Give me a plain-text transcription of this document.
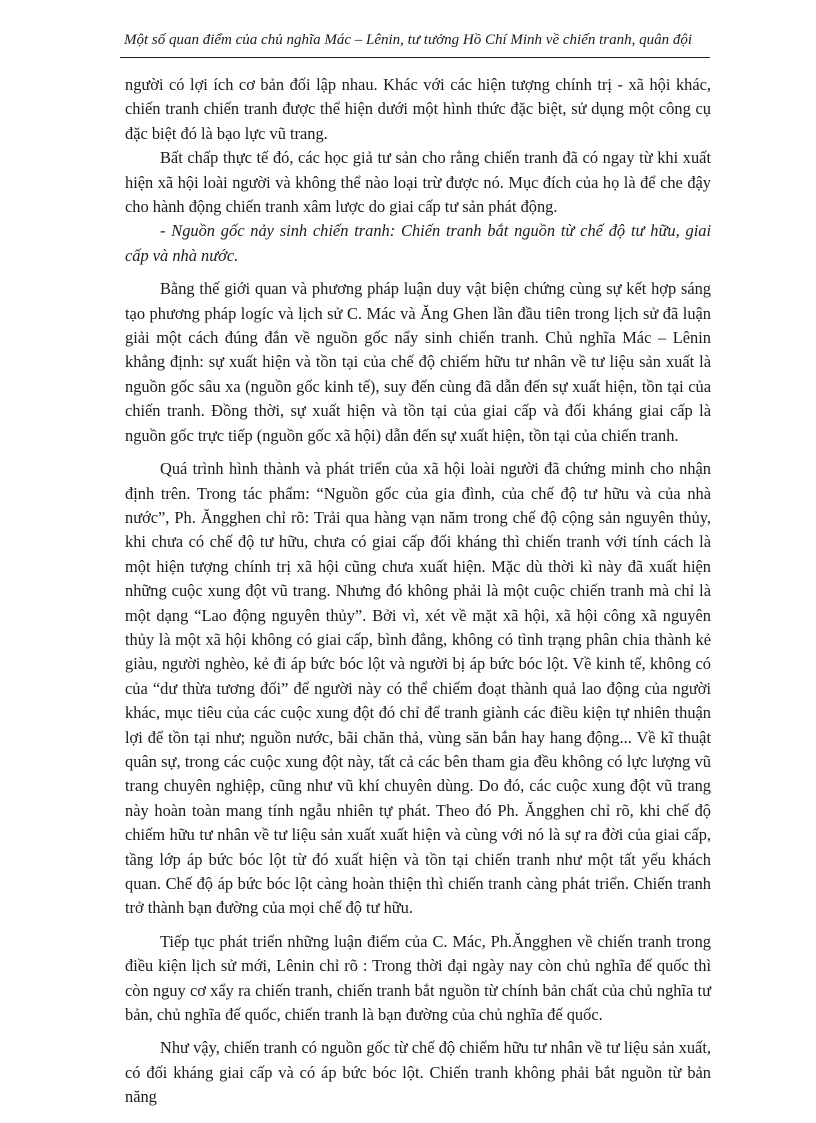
Một số quan điểm của chủ nghĩa Mác – Lênin, tư tưởng Hồ Chí Minh về chiến tranh, quân đội

người có lợi ích cơ bản đối lập nhau. Khác với các hiện tượng chính trị - xã hội khác, chiến tranh chiến tranh được thể hiện dưới một hình thức đặc biệt, sử dụng một công cụ đặc biệt đó là bạo lực vũ trang.

Bất chấp thực tế đó, các học giả tư sản cho rằng chiến tranh đã có ngay từ khi xuất hiện xã hội loài người và không thể nào loại trừ được nó. Mục đích của họ là để che đậy cho hành động chiến tranh xâm lược do giai cấp tư sản phát động.

- Nguồn gốc nảy sinh chiến tranh: Chiến tranh bắt nguồn từ chế độ tư hữu, giai cấp và nhà nước.

Bằng thế giới quan và phương pháp luận duy vật biện chứng cùng sự kết hợp sáng tạo phương pháp logíc và lịch sử C. Mác và Ăng Ghen lần đầu tiên trong lịch sử đã luận giải một cách đúng đắn về nguồn gốc nẩy sinh chiến tranh. Chủ nghĩa Mác – Lênin khẳng định: sự xuất hiện và tồn tại của chế độ chiếm hữu tư nhân về tư liệu sản xuất là nguồn gốc sâu xa (nguồn gốc kinh tế), suy đến cùng đã dẫn đến sự xuất hiện, tồn tại của chiến tranh. Đồng thời, sự xuất hiện và tồn tại của giai cấp và đối kháng giai cấp là nguồn gốc trực tiếp (nguồn gốc xã hội) dẫn đến sự xuất hiện, tồn tại của chiến tranh.

Quá trình hình thành và phát triển của xã hội loài người đã chứng minh cho nhận định trên. Trong tác phẩm: “Nguồn gốc của gia đình, của chế độ tư hữu và của nhà nước”, Ph. Ăngghen chỉ rõ: Trải qua hàng vạn năm trong chế độ cộng sản nguyên thủy, khi chưa có chế độ tư hữu, chưa có giai cấp đối kháng thì chiến tranh với tính cách là một hiện tượng chính trị xã hội cũng chưa xuất hiện. Mặc dù thời kì này đã xuất hiện những cuộc xung đột vũ trang. Nhưng đó không phải là một cuộc chiến tranh mà chỉ là một dạng “Lao động nguyên thủy”. Bởi vì, xét về mặt xã hội, xã hội công xã nguyên thủy là một xã hội không có giai cấp, bình đẳng, không có tình trạng phân chia thành kẻ giàu, người nghèo, kẻ đi áp bức bóc lột và người bị áp bức bóc lột. Về kinh tế, không có của “dư thừa tương đối” để người này có thể chiếm đoạt thành quả lao động của người khác, mục tiêu của các cuộc xung đột đó chỉ để tranh giành các điều kiện tự nhiên thuận lợi để tồn tại như; nguồn nước, bãi chăn thả, vùng săn bắn hay hang động... Về kĩ thuật quân sự, trong các cuộc xung đột này, tất cả các bên tham gia đều không có lực lượng vũ trang chuyên nghiệp, cũng như vũ khí chuyên dùng. Do đó, các cuộc xung đột vũ trang này hoàn toàn mang tính ngẫu nhiên tự phát. Theo đó Ph. Ăngghen chỉ rõ, khi chế độ chiếm hữu tư nhân về tư liệu sản xuất xuất hiện và cùng với nó là sự ra đời của giai cấp, tầng lớp áp bức bóc lột từ đó xuất hiện và tồn tại chiến tranh như một tất yếu khách quan. Chế độ áp bức bóc lột càng hoàn thiện thì chiến tranh càng phát triển. Chiến tranh trở thành bạn đường của mọi chế độ tư hữu.

Tiếp tục phát triển những luận điểm của C. Mác, Ph.Ăngghen về chiến tranh trong điều kiện lịch sử mới, Lênin chỉ rõ : Trong thời đại ngày nay còn chủ nghĩa đế quốc thì còn nguy cơ xẩy ra chiến tranh, chiến tranh bắt nguồn từ chính bản chất của chủ nghĩa tư bản, chủ nghĩa đế quốc, chiến tranh là bạn đường của chủ nghĩa đế quốc.

Như vậy, chiến tranh có nguồn gốc từ chế độ chiếm hữu tư nhân về tư liệu sản xuất, có đối kháng giai cấp và có áp bức bóc lột. Chiến tranh không phải bắt nguồn từ bản năng
